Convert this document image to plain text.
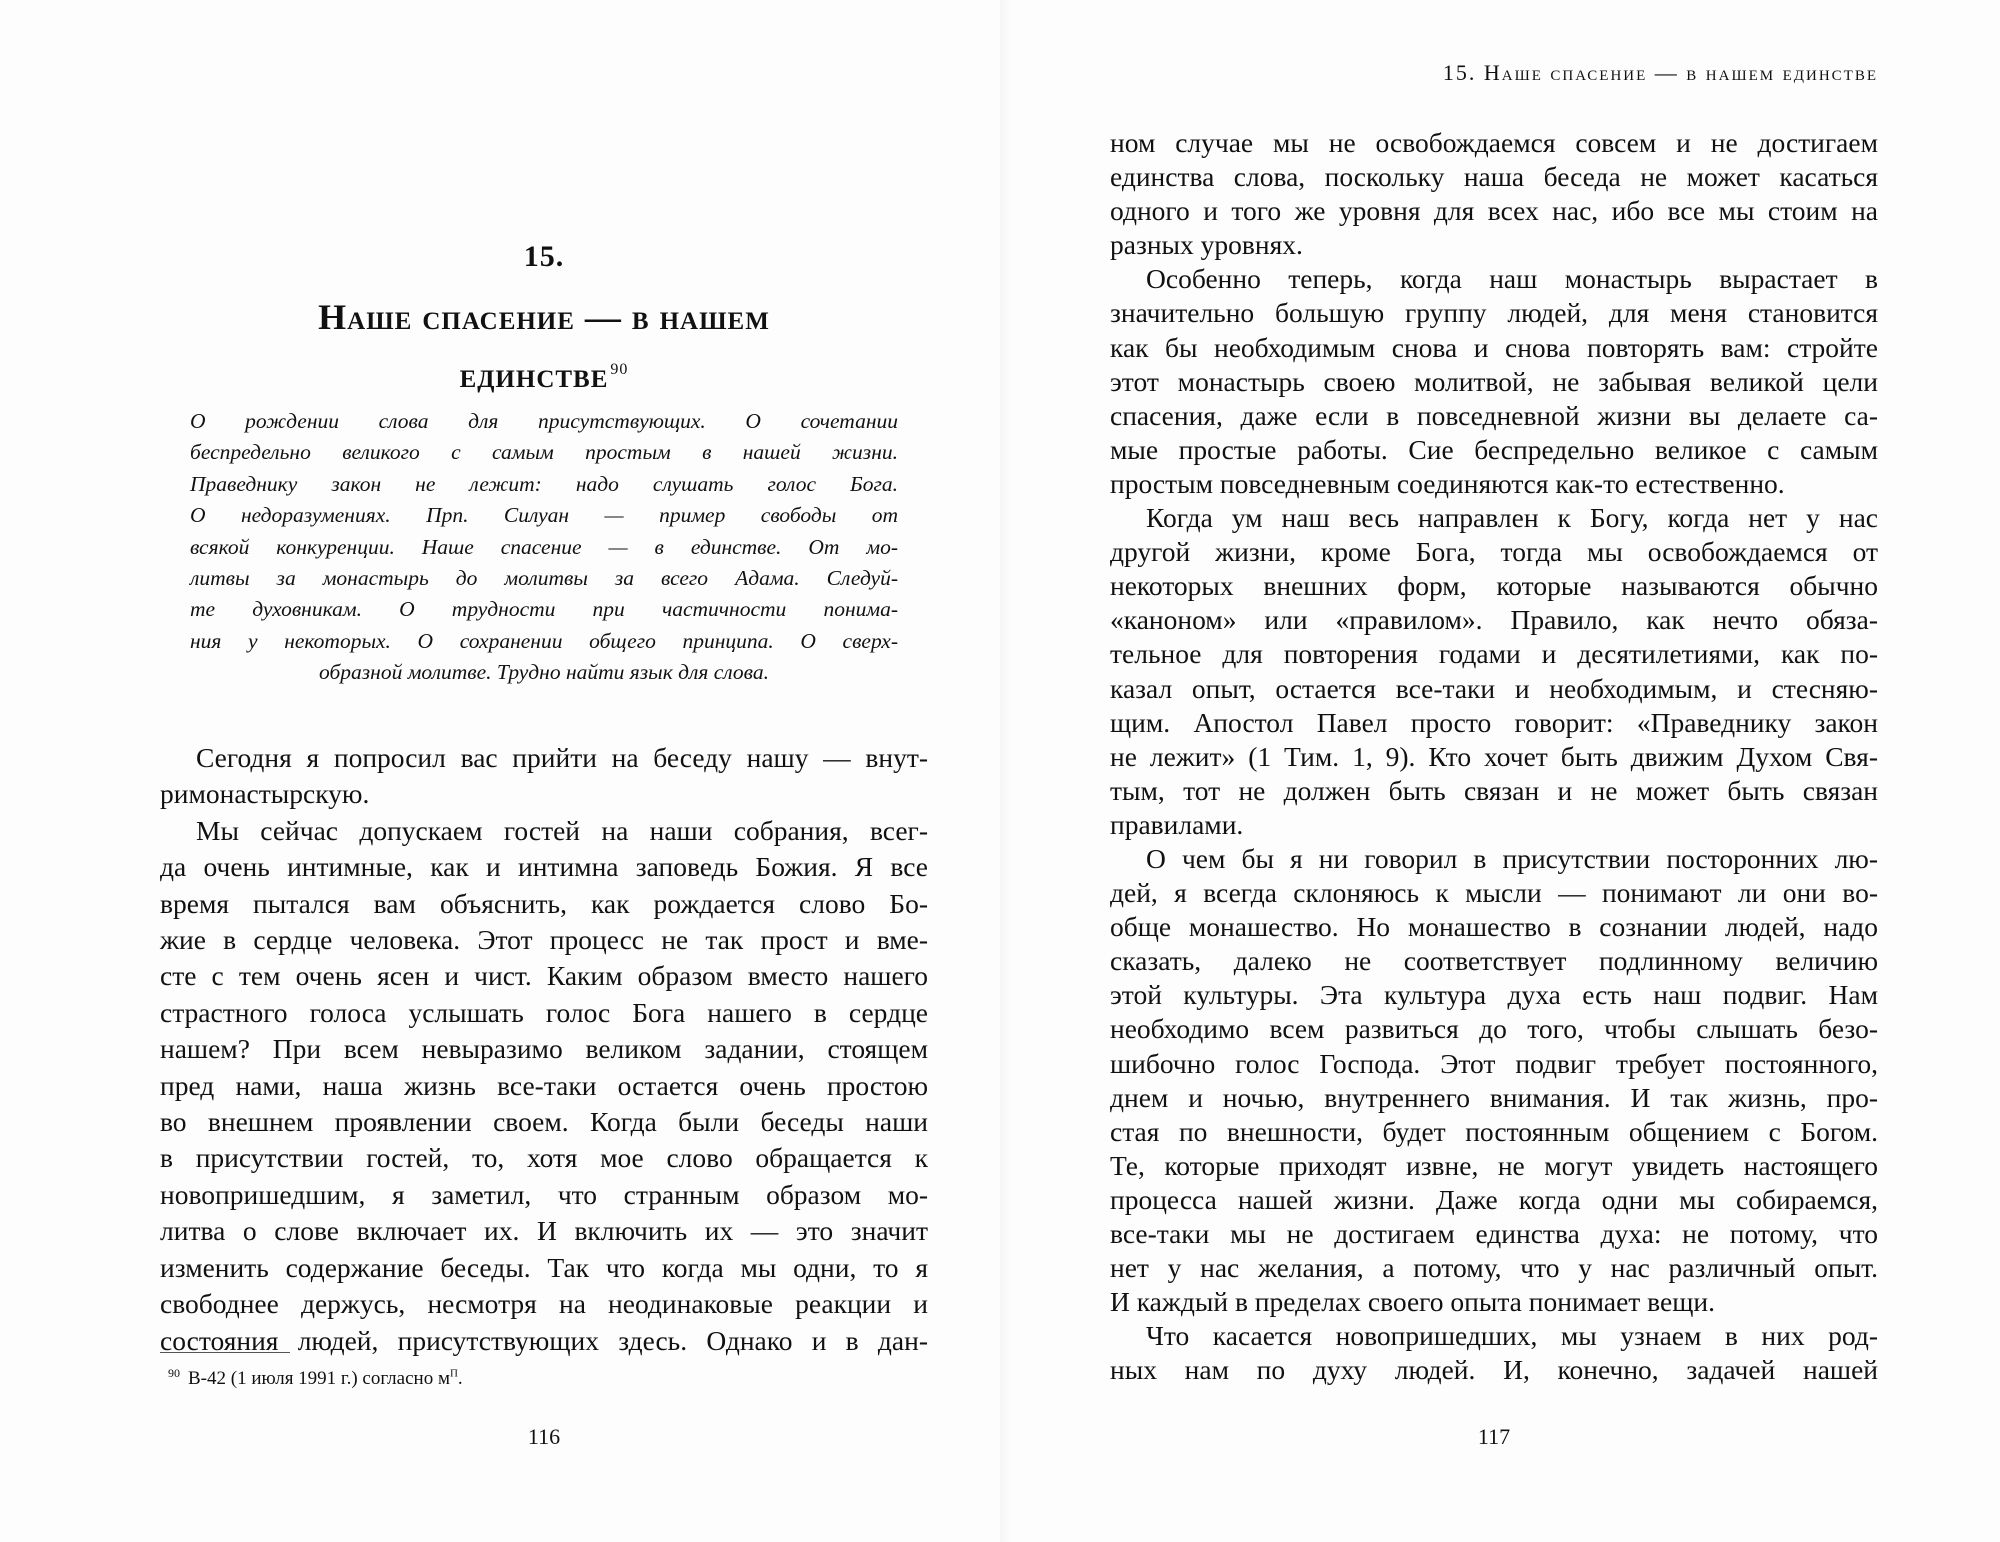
15.
Наше спасение — в нашем
единстве $^{90}$
О рождении слова для присутствующих. О сочетании
беспредельно великого с самым простым в нашей жизни.
Праведнику закон не лежит: надо слушать голос Бога.
О недоразумениях. Прп. Силуан — пример свободы от
всякой конкуренции. Наше спасение — в единстве. От мо-
литвы за монастырь до молитвы за всего Адама. Следуй-
те духовникам. О трудности при частичности понима-
ния у некоторых. О сохранении общего принципа. О сверх-
образной молитве. Трудно найти язык для слова.
Сегодня я попросил вас прийти на беседу нашу — внут-
римонастырскую.
Мы сейчас допускаем гостей на наши собрания, всег-
да очень интимные, как и интимна заповедь Божия. Я все
время пытался вам объяснить, как рождается слово Бо-
жие в сердце человека. Этот процесс не так прост и вме-
сте с тем очень ясен и чист. Каким образом вместо нашего
страстного голоса услышать голос Бога нашего в сердце
нашем? При всем невыразимо великом задании, стоящем
пред нами, наша жизнь все-таки остается очень простою
во внешнем проявлении своем. Когда были беседы наши
в присутствии гостей, то, хотя мое слово обращается к
новопришедшим, я заметил, что странным образом мо-
литва о слове включает их. И включить их — это значит
изменить содержание беседы. Так что когда мы одни, то я
свободнее держусь, несмотря на неодинаковые реакции и
состояния людей, присутствующих здесь. Однако и в дан-
$^{90}$ В-42 (1 июля 1991 г.) согласно $м^П$.
116
15. Наше спасение — в нашем единстве
ном случае мы не освобождаемся совсем и не достигаем
единства слова, поскольку наша беседа не может касаться
одного и того же уровня для всех нас, ибо все мы стоим на
разных уровнях.
Особенно теперь, когда наш монастырь вырастает в
значительно большую группу людей, для меня становится
как бы необходимым снова и снова повторять вам: стройте
этот монастырь своею молитвой, не забывая великой цели
спасения, даже если в повседневной жизни вы делаете са-
мые простые работы. Сие беспредельно великое с самым
простым повседневным соединяются как-то естественно.
Когда ум наш весь направлен к Богу, когда нет у нас
другой жизни, кроме Бога, тогда мы освобождаемся от
некоторых внешних форм, которые называются обычно
«каноном» или «правилом». Правило, как нечто обяза-
тельное для повторения годами и десятилетиями, как по-
казал опыт, остается все-таки и необходимым, и стесняю-
щим. Апостол Павел просто говорит: «Праведнику закон
не лежит» (1 Тим. 1, 9). Кто хочет быть движим Духом Свя-
тым, тот не должен быть связан и не может быть связан
правилами.
О чем бы я ни говорил в присутствии посторонних лю-
дей, я всегда склоняюсь к мысли — понимают ли они во-
обще монашество. Но монашество в сознании людей, надо
сказать, далеко не соответствует подлинному величию
этой культуры. Эта культура духа есть наш подвиг. Нам
необходимо всем развиться до того, чтобы слышать безо-
шибочно голос Господа. Этот подвиг требует постоянного,
днем и ночью, внутреннего внимания. И так жизнь, про-
стая по внешности, будет постоянным общением с Богом.
Те, которые приходят извне, не могут увидеть настоящего
процесса нашей жизни. Даже когда одни мы собираемся,
все-таки мы не достигаем единства духа: не потому, что
нет у нас желания, а потому, что у нас различный опыт.
И каждый в пределах своего опыта понимает вещи.
Что касается новопришедших, мы узнаем в них род-
ных нам по духу людей. И, конечно, задачей нашей
117
